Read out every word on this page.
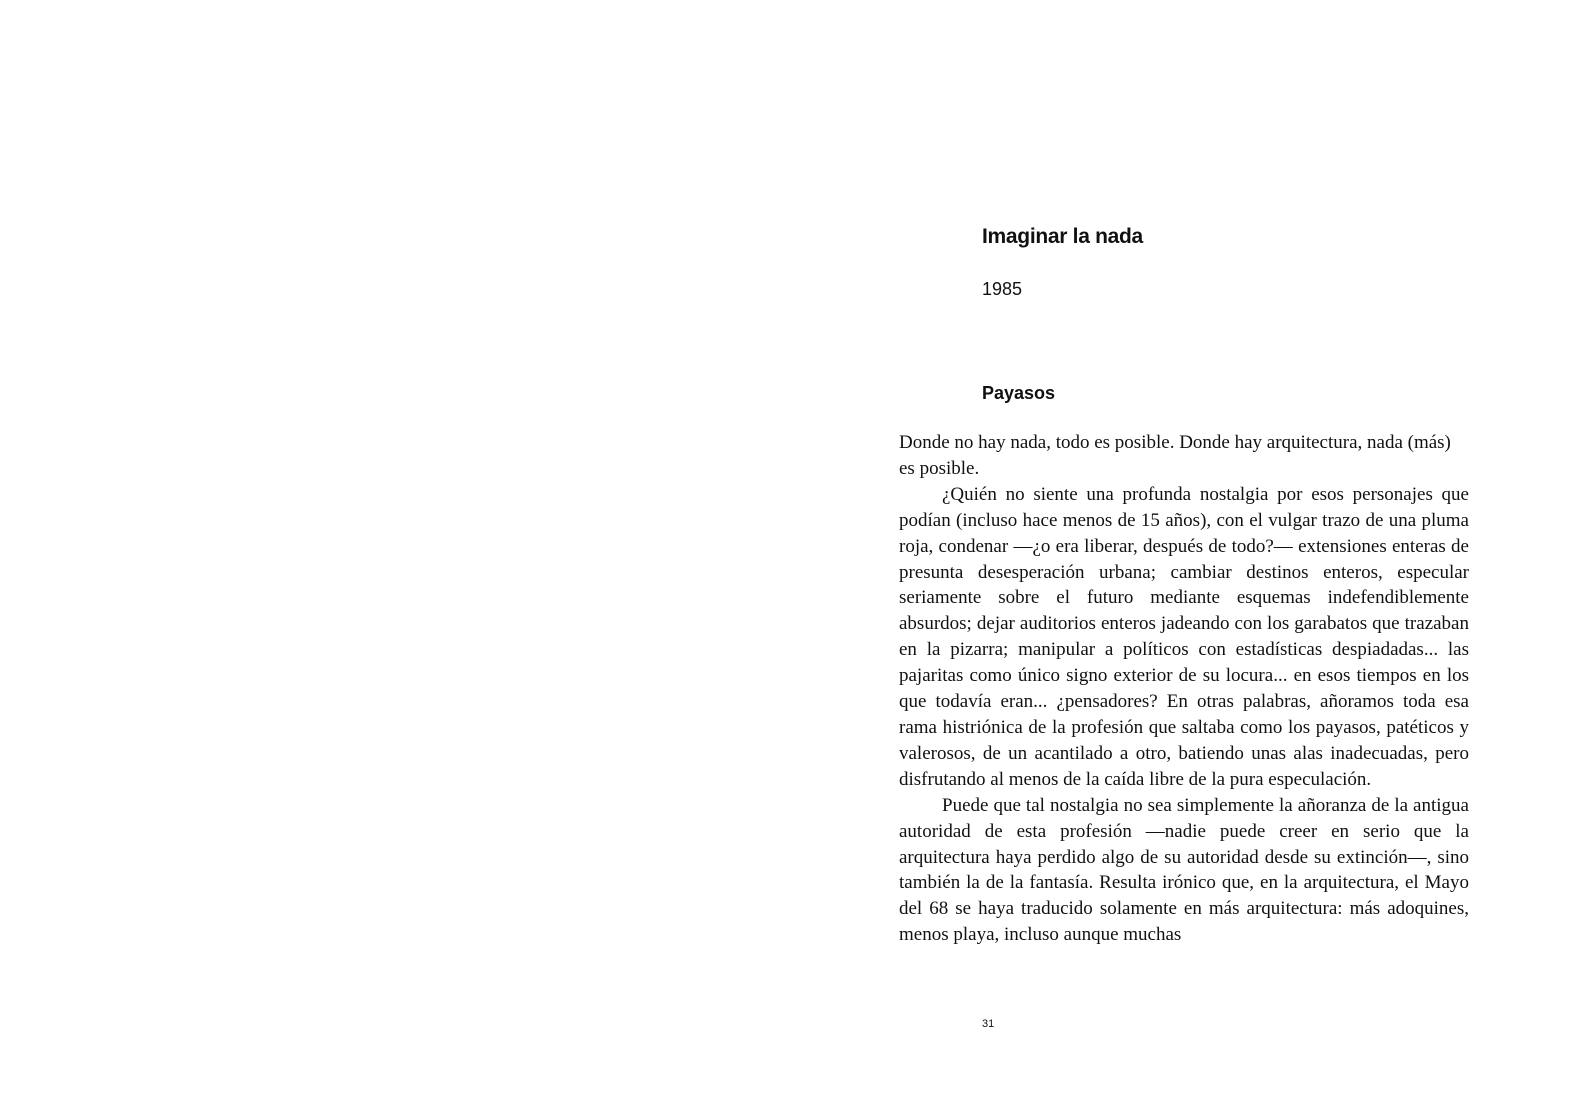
Imaginar la nada
1985
Payasos

Donde no hay nada, todo es posible. Donde hay arquitectura, nada (más) es posible.

¿Quién no siente una profunda nostalgia por esos personajes que podían (incluso hace menos de 15 años), con el vulgar trazo de una pluma roja, condenar —¿o era liberar, después de todo?— extensiones enteras de presunta desesperación urbana; cambiar destinos enteros, especular seriamente sobre el futuro mediante esquemas indefendiblemente absurdos; dejar auditorios enteros jadeando con los garabatos que trazaban en la pizarra; manipular a políticos con estadísticas despiadadas... las pajaritas como único signo exterior de su locura... en esos tiempos en los que todavía eran... ¿pensadores? En otras palabras, añoramos toda esa rama histriónica de la profesión que saltaba como los payasos, patéticos y valerosos, de un acantilado a otro, batiendo unas alas inadecuadas, pero disfrutando al menos de la caída libre de la pura especulación.

Puede que tal nostalgia no sea simplemente la añoranza de la antigua autoridad de esta profesión —nadie puede creer en serio que la arquitectura haya perdido algo de su autoridad desde su extinción—, sino también la de la fantasía. Resulta irónico que, en la arquitectura, el Mayo del 68 se haya traducido solamente en más arquitectura: más adoquines, menos playa, incluso aunque muchas

31
